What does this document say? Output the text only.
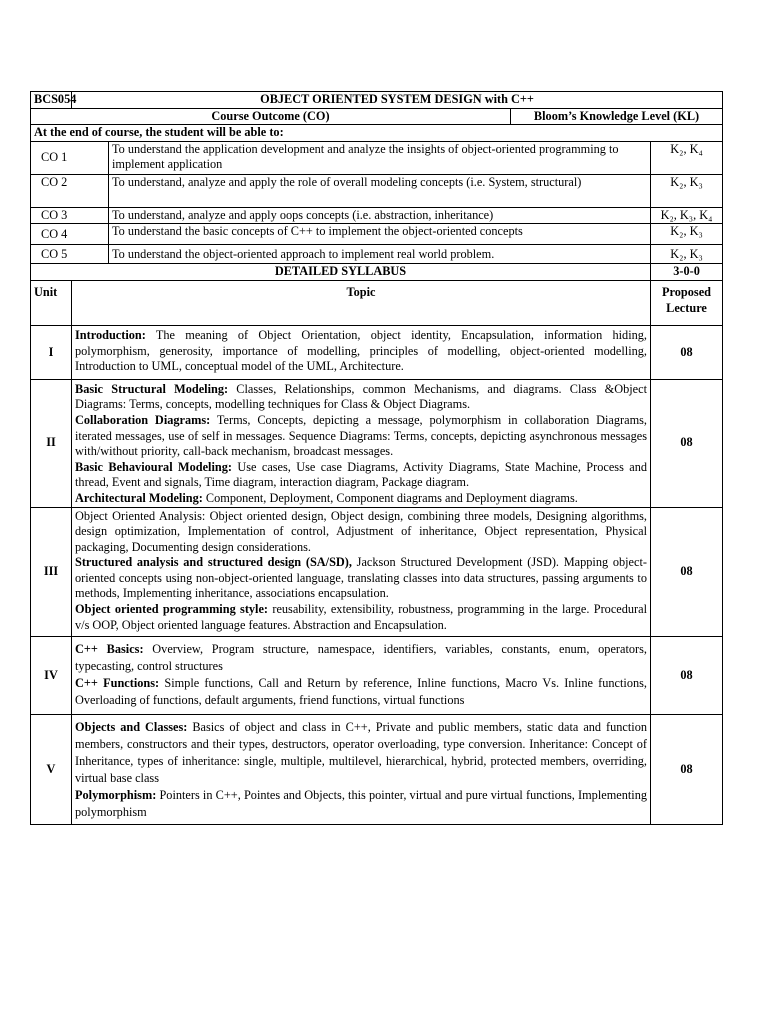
BCS054	OBJECT ORIENTED SYSTEM DESIGN with C++			
Course Outcome (CO)			Bloom’s Knowledge Level (KL)	
At the end of course, the student will be able to:				
CO 1		To understand the application development and analyze the insights of object-oriented programming to implement application		K₂, K₄
CO 2		To understand, analyze and apply the role of overall modeling concepts (i.e. System, structural)		K₂, K₃
CO 3		To understand, analyze and apply oops concepts (i.e. abstraction, inheritance)		K₂, K₃, K₄
CO 4		To understand the basic concepts of C++ to implement the object-oriented concepts		K₂, K₃
CO 5		To understand the object-oriented approach to implement real world problem.		K₂, K₃
DETAILED SYLLABUS				3-0-0
Unit	Topic			Proposed Lecture
I	Introduction: The meaning of Object Orientation, object identity, Encapsulation, information hiding, polymorphism, generosity, importance of modelling, principles of modelling, object-oriented modelling, Introduction to UML, conceptual model of the UML, Architecture.			08
II	Basic Structural Modeling: Classes, Relationships, common Mechanisms, and diagrams. Class &Object Diagrams: Terms, concepts, modelling techniques for Class & Object Diagrams.

Collaboration Diagrams: Terms, Concepts, depicting a message, polymorphism in collaboration Diagrams, iterated messages, use of self in messages. Sequence Diagrams: Terms, concepts, depicting asynchronous messages with/without priority, call-back mechanism, broadcast messages.

Basic Behavioural Modeling: Use cases, Use case Diagrams, Activity Diagrams, State Machine, Process and thread, Event and signals, Time diagram, interaction diagram, Package diagram.

Architectural Modeling: Component, Deployment, Component diagrams and Deployment diagrams.			08
III	Object Oriented Analysis: Object oriented design, Object design, combining three models, Designing algorithms, design optimization, Implementation of control, Adjustment of inheritance, Object representation, Physical packaging, Documenting design considerations.

Structured analysis and structured design (SA/SD), Jackson Structured Development (JSD). Mapping object-oriented concepts using non-object-oriented language, translating classes into data structures, passing arguments to methods, Implementing inheritance, associations encapsulation.

Object oriented programming style: reusability, extensibility, robustness, programming in the large. Procedural v/s OOP, Object oriented language features. Abstraction and Encapsulation.			08
IV	C++ Basics: Overview, Program structure, namespace, identifiers, variables, constants, enum, operators, typecasting, control structures

C++ Functions: Simple functions, Call and Return by reference, Inline functions, Macro Vs. Inline functions, Overloading of functions, default arguments, friend functions, virtual functions			08
V	Objects and Classes: Basics of object and class in C++, Private and public members, static data and function members, constructors and their types, destructors, operator overloading, type conversion. Inheritance: Concept of Inheritance, types of inheritance: single, multiple, multilevel, hierarchical, hybrid, protected members, overriding, virtual base class

Polymorphism: Pointers in C++, Pointes and Objects, this pointer, virtual and pure virtual functions, Implementing polymorphism			08
